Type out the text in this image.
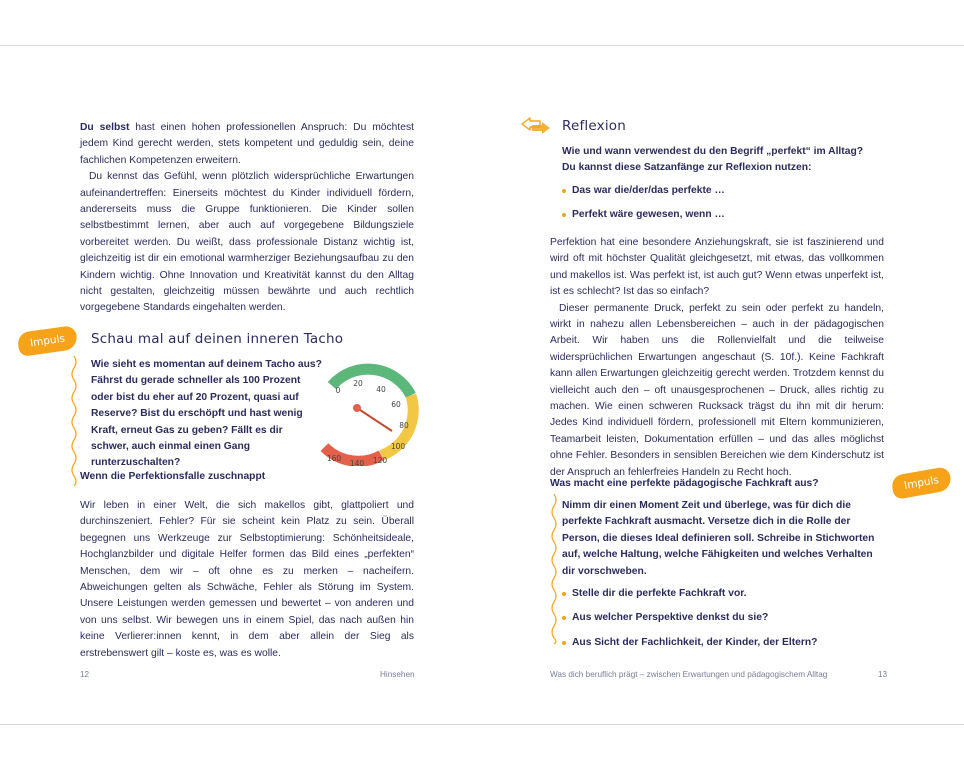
Du selbst hast einen hohen professionellen Anspruch: Du möchtest jedem Kind gerecht werden, stets kompetent und geduldig sein, deine fachlichen Kompetenzen erweitern.

Du kennst das Gefühl, wenn plötzlich widersprüchliche Erwartungen aufeinandertreffen: Einerseits möchtest du Kinder individuell fördern, andererseits muss die Gruppe funktionieren. Die Kinder sollen selbstbestimmt lernen, aber auch auf vorgegebene Bildungsziele vorbereitet werden. Du weißt, dass professionale Distanz wichtig ist, gleichzeitig ist dir ein emotional warmherziger Beziehungsaufbau zu den Kindern wichtig. Ohne Innovation und Kreativität kannst du den Alltag nicht gestalten, gleichzeitig müssen bewährte und auch rechtlich vorgegebene Standards eingehalten werden.

Impuls	Schau mal auf deinen inneren Tacho
Wie sieht es momentan auf deinem Tacho aus? Fährst du gerade schneller als 100 Prozent oder bist du eher auf 20 Prozent, quasi auf Reserve? Bist du erschöpft und hast wenig Kraft, erneut Gas zu geben? Fällt es dir schwer, auch einmal einen Gang runterzuschalten?
0
20
40
60
80
100
120
140
160
Wenn die Perfektionsfalle zuschnappt
Wir leben in einer Welt, die sich makellos gibt, glattpoliert und durchinszeniert. Fehler? Für sie scheint kein Platz zu sein. Überall begegnen uns Werkzeuge zur Selbstoptimierung: Schönheitsideale, Hochglanzbilder und digitale Helfer formen das Bild eines „perfekten“ Menschen, dem wir – oft ohne es zu merken – nacheifern. Abweichungen gelten als Schwäche, Fehler als Störung im System. Unsere Leistungen werden gemessen und bewertet – von anderen und von uns selbst. Wir bewegen uns in einem Spiel, das nach außen hin keine Verlierer:innen kennt, in dem aber allein der Sieg als erstrebenswert gilt – koste es, was es wolle.
12	Hinsehen
Reflexion

Wie und wann verwendest du den Begriff „perfekt“ im Alltag?

Du kannst diese Satzanfänge zur Reflexion nutzen:

Das war die/der/das perfekte …
Perfekt wäre gewesen, wenn …

Perfektion hat eine besondere Anziehungskraft, sie ist faszinierend und wird oft mit höchster Qualität gleichgesetzt, mit etwas, das vollkommen und makellos ist. Was perfekt ist, ist auch gut? Wenn etwas unperfekt ist, ist es schlecht? Ist das so einfach?

Dieser permanente Druck, perfekt zu sein oder perfekt zu handeln, wirkt in nahezu allen Lebensbereichen – auch in der pädagogischen Arbeit. Wir haben uns die Rollenvielfalt und die teilweise widersprüchlichen Erwartungen angeschaut (S. 10f.). Keine Fachkraft kann allen Erwartungen gleichzeitig gerecht werden. Trotzdem kennst du vielleicht auch den – oft unausgesprochenen – Druck, alles richtig zu machen. Wie einen schweren Rucksack trägst du ihn mit dir herum: Jedes Kind individuell fördern, professionell mit Eltern kommunizieren, Teamarbeit leisten, Dokumentation erfüllen – und das alles möglichst ohne Fehler. Besonders in sensiblen Bereichen wie dem Kinderschutz ist der Anspruch an fehlerfreies Handeln zu Recht hoch.

Impuls
Was macht eine perfekte pädagogische Fachkraft aus?

Nimm dir einen Moment Zeit und überlege, was für dich die perfekte Fachkraft ausmacht. Versetze dich in die Rolle der Person, die dieses Ideal definieren soll. Schreibe in Stichworten auf, welche Haltung, welche Fähigkeiten und welches Verhalten dir vorschweben.

Stelle dir die perfekte Fachkraft vor.
Aus welcher Perspektive denkst du sie?
Aus Sicht der Fachlichkeit, der Kinder, der Eltern?
Was dich beruflich prägt – zwischen Erwartungen und pädagogischem Alltag	13
